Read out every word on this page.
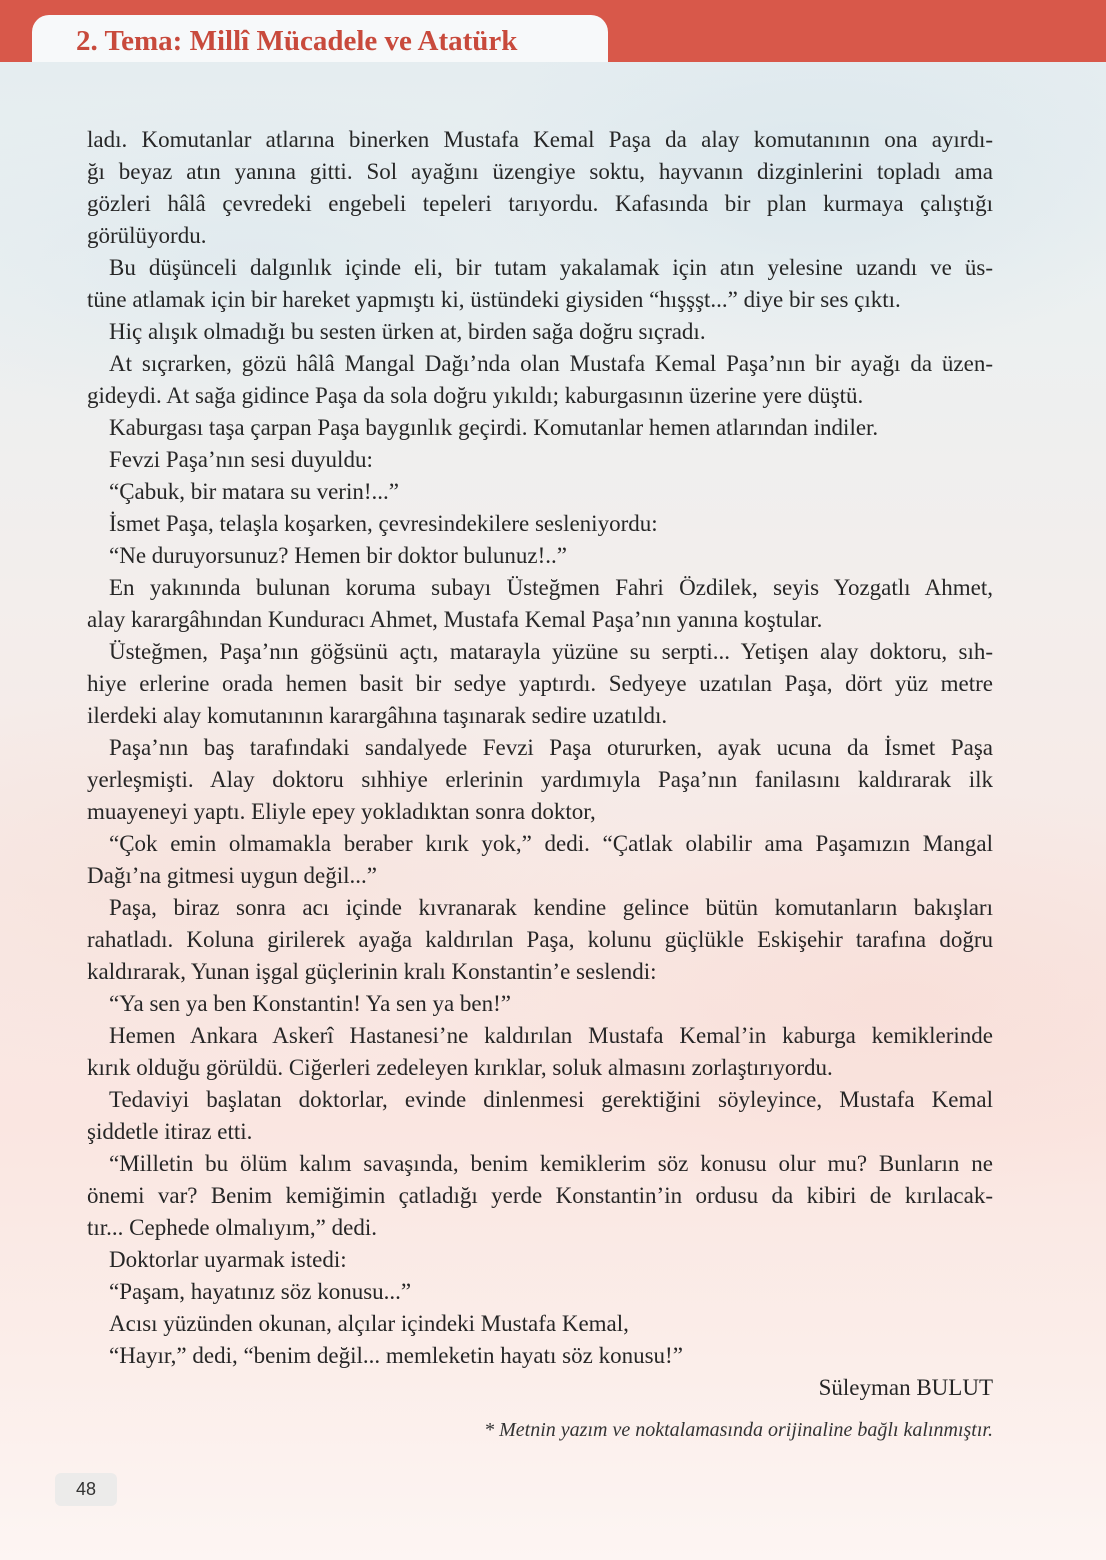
2. Tema: Millî Mücadele ve Atatürk
ladı. Komutanlar atlarına binerken Mustafa Kemal Paşa da alay komutanının ona ayırdı-
ğı beyaz atın yanına gitti. Sol ayağını üzengiye soktu, hayvanın dizginlerini topladı ama
gözleri hâlâ çevredeki engebeli tepeleri tarıyordu. Kafasında bir plan kurmaya çalıştığı
görülüyordu.
Bu düşünceli dalgınlık içinde eli, bir tutam yakalamak için atın yelesine uzandı ve üs-
tüne atlamak için bir hareket yapmıştı ki, üstündeki giysiden “hışşşt...” diye bir ses çıktı.
Hiç alışık olmadığı bu sesten ürken at, birden sağa doğru sıçradı.
At sıçrarken, gözü hâlâ Mangal Dağı’nda olan Mustafa Kemal Paşa’nın bir ayağı da üzen-
gideydi. At sağa gidince Paşa da sola doğru yıkıldı; kaburgasının üzerine yere düştü.
Kaburgası taşa çarpan Paşa baygınlık geçirdi. Komutanlar hemen atlarından indiler.
Fevzi Paşa’nın sesi duyuldu:
“Çabuk, bir matara su verin!...”
İsmet Paşa, telaşla koşarken, çevresindekilere sesleniyordu:
“Ne duruyorsunuz? Hemen bir doktor bulunuz!..”
En yakınında bulunan koruma subayı Üsteğmen Fahri Özdilek, seyis Yozgatlı Ahmet,
alay karargâhından Kunduracı Ahmet, Mustafa Kemal Paşa’nın yanına koştular.
Üsteğmen, Paşa’nın göğsünü açtı, matarayla yüzüne su serpti... Yetişen alay doktoru, sıh-
hiye erlerine orada hemen basit bir sedye yaptırdı. Sedyeye uzatılan Paşa, dört yüz metre
ilerdeki alay komutanının karargâhına taşınarak sedire uzatıldı.
Paşa’nın baş tarafındaki sandalyede Fevzi Paşa otururken, ayak ucuna da İsmet Paşa
yerleşmişti. Alay doktoru sıhhiye erlerinin yardımıyla Paşa’nın fanilasını kaldırarak ilk
muayeneyi yaptı. Eliyle epey yokladıktan sonra doktor,
“Çok emin olmamakla beraber kırık yok,” dedi. “Çatlak olabilir ama Paşamızın Mangal
Dağı’na gitmesi uygun değil...”
Paşa, biraz sonra acı içinde kıvranarak kendine gelince bütün komutanların bakışları
rahatladı. Koluna girilerek ayağa kaldırılan Paşa, kolunu güçlükle Eskişehir tarafına doğru
kaldırarak, Yunan işgal güçlerinin kralı Konstantin’e seslendi:
“Ya sen ya ben Konstantin! Ya sen ya ben!”
Hemen Ankara Askerî Hastanesi’ne kaldırılan Mustafa Kemal’in kaburga kemiklerinde
kırık olduğu görüldü. Ciğerleri zedeleyen kırıklar, soluk almasını zorlaştırıyordu.
Tedaviyi başlatan doktorlar, evinde dinlenmesi gerektiğini söyleyince, Mustafa Kemal
şiddetle itiraz etti.
“Milletin bu ölüm kalım savaşında, benim kemiklerim söz konusu olur mu? Bunların ne
önemi var? Benim kemiğimin çatladığı yerde Konstantin’in ordusu da kibiri de kırılacak-
tır... Cephede olmalıyım,” dedi.
Doktorlar uyarmak istedi:
“Paşam, hayatınız söz konusu...”
Acısı yüzünden okunan, alçılar içindeki Mustafa Kemal,
“Hayır,” dedi, “benim değil... memleketin hayatı söz konusu!”
Süleyman BULUT
* Metnin yazım ve noktalamasında orijinaline bağlı kalınmıştır.
48
